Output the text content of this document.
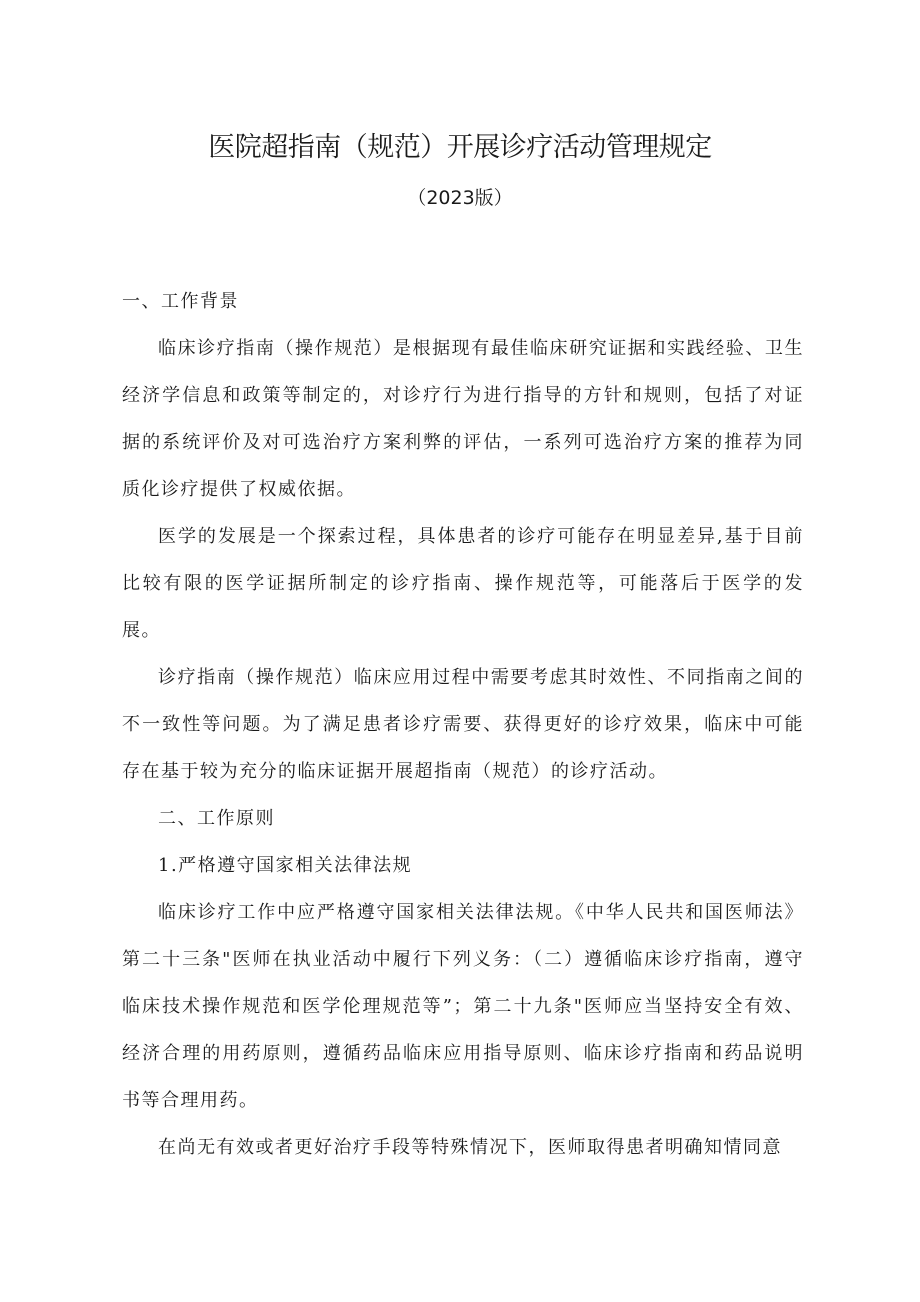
医院超指南（规范）开展诊疗活动管理规定
（2023版）

一、工作背景

临床诊疗指南（操作规范）是根据现有最佳临床研究证据和实践经验、卫生经济学信息和政策等制定的，对诊疗行为进行指导的方针和规则，包括了对证据的系统评价及对可选治疗方案利弊的评估，一系列可选治疗方案的推荐为同质化诊疗提供了权威依据。

医学的发展是一个探索过程，具体患者的诊疗可能存在明显差异,基于目前比较有限的医学证据所制定的诊疗指南、操作规范等，可能落后于医学的发展。

诊疗指南（操作规范）临床应用过程中需要考虑其时效性、不同指南之间的不一致性等问题。为了满足患者诊疗需要、获得更好的诊疗效果，临床中可能存在基于较为充分的临床证据开展超指南（规范）的诊疗活动。

二、工作原则

1.严格遵守国家相关法律法规

临床诊疗工作中应严格遵守国家相关法律法规。《中华人民共和国医师法》第二十三条"医师在执业活动中履行下列义务：（二）遵循临床诊疗指南，遵守临床技术操作规范和医学伦理规范等”；第二十九条"医师应当坚持安全有效、经济合理的用药原则，遵循药品临床应用指导原则、临床诊疗指南和药品说明书等合理用药。

在尚无有效或者更好治疗手段等特殊情况下，医师取得患者明确知情同意
